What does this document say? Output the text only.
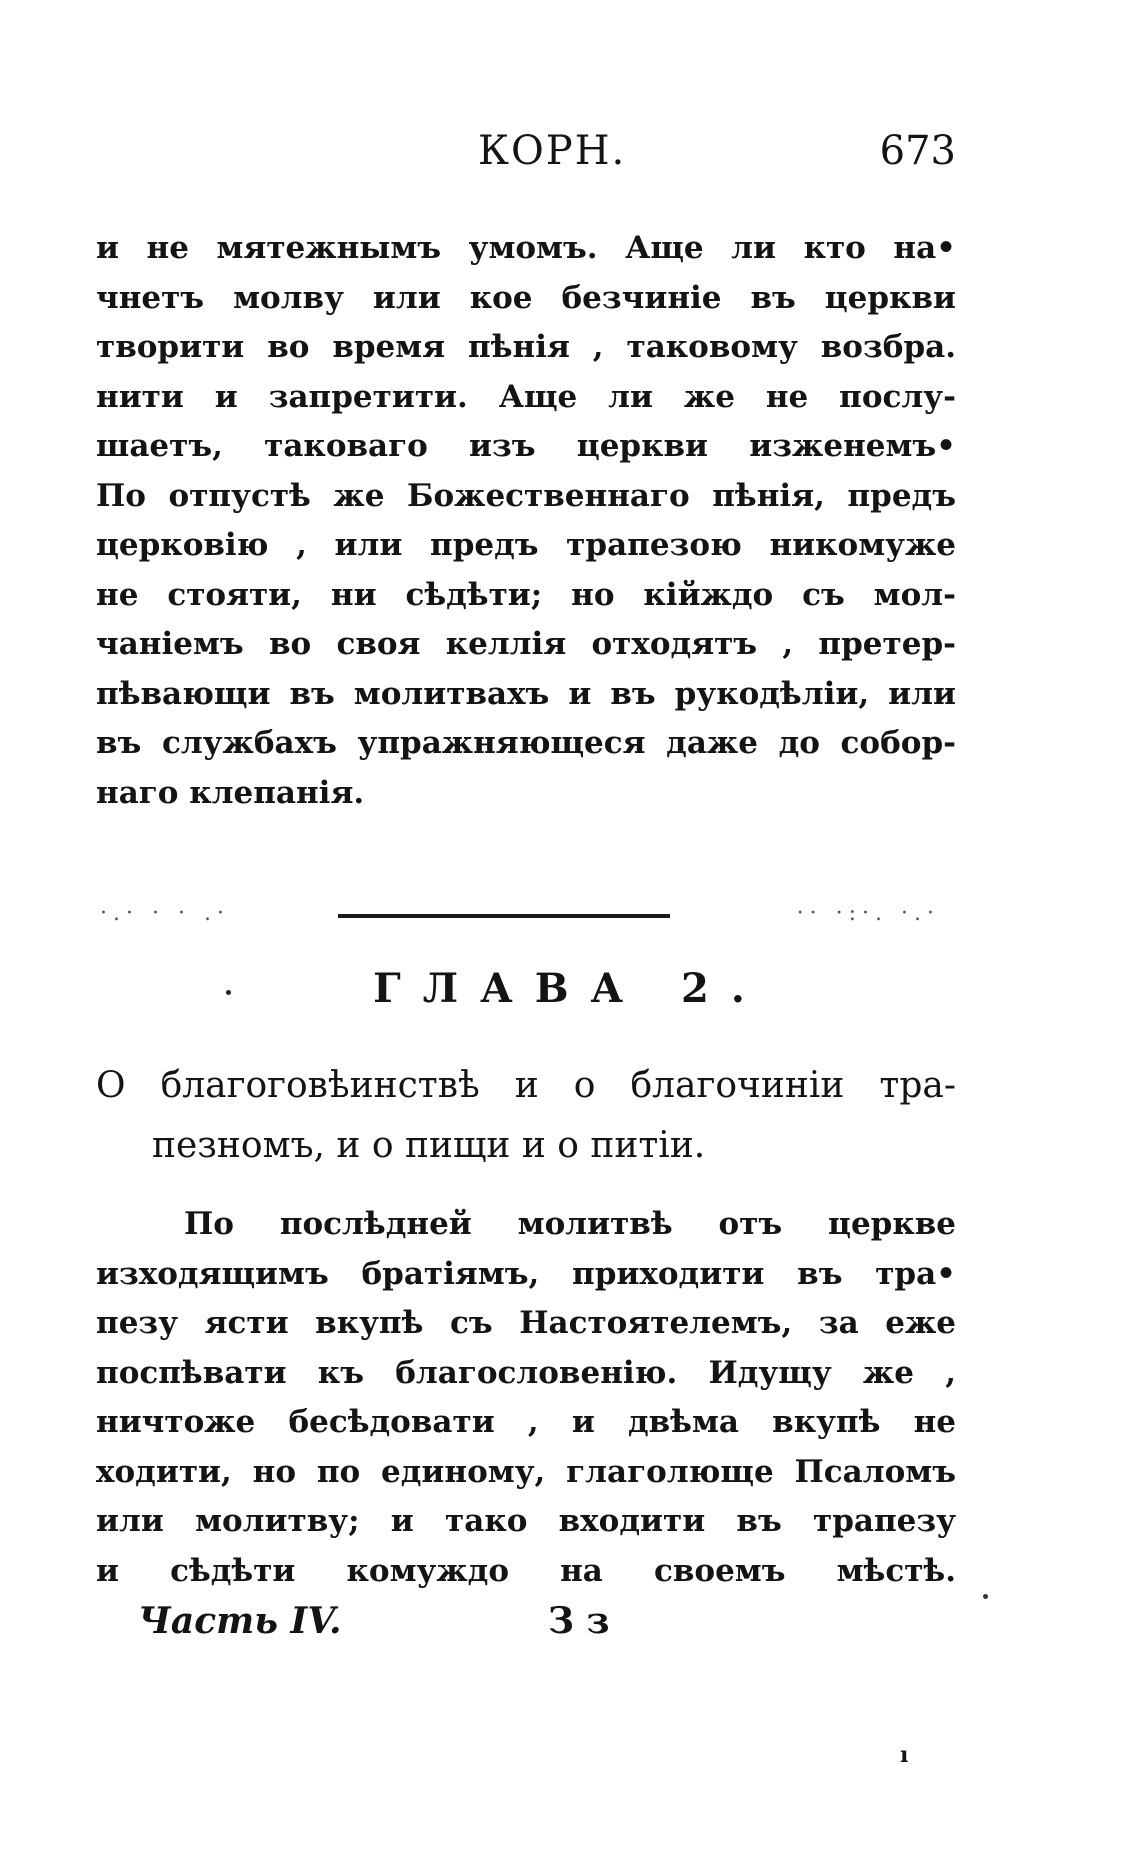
КОРН.	673
и не мятежнымъ умомъ. Аще ли кто на•
чнетъ молву или кое безчиніе въ церкви
творити во время пѣнія , таковому возбра.
нити и запретити. Аще ли же не послу-
шаетъ, таковаго изъ церкви изженемъ•
По отпустѣ же Божественнаго пѣнія, предъ
церковію , или предъ трапезою никомуже
не стояти, ни сѣдѣти; но кійждо съ мол-
чаніемъ во своя келлія отходятъ , претер-
пѣвающи въ молитвахъ и въ рукодѣліи, или
въ службахъ упражняющеся даже до собор-
наго клепанія.
·.· · · .·	·· ·:·. ·.·
ГЛАВА 2.
О благоговѣинствѣ и о благочиніи тра-
пезномъ, и о пищи и о питіи.
По послѣдней молитвѣ отъ церкве
изходящимъ братіямъ, приходити въ тра•
пезу ясти вкупѣ съ Настоятелемъ, за еже
поспѣвати къ благословенію. Идущу же ,
ничтоже бесѣдовати , и двѣма вкупѣ не
ходити, но по единому, глаголюще Псаломъ
или молитву; и тако входити въ трапезу
и сѣдѣти комуждо на своемъ мѣстѣ.
Часть IV.	З з
ı
